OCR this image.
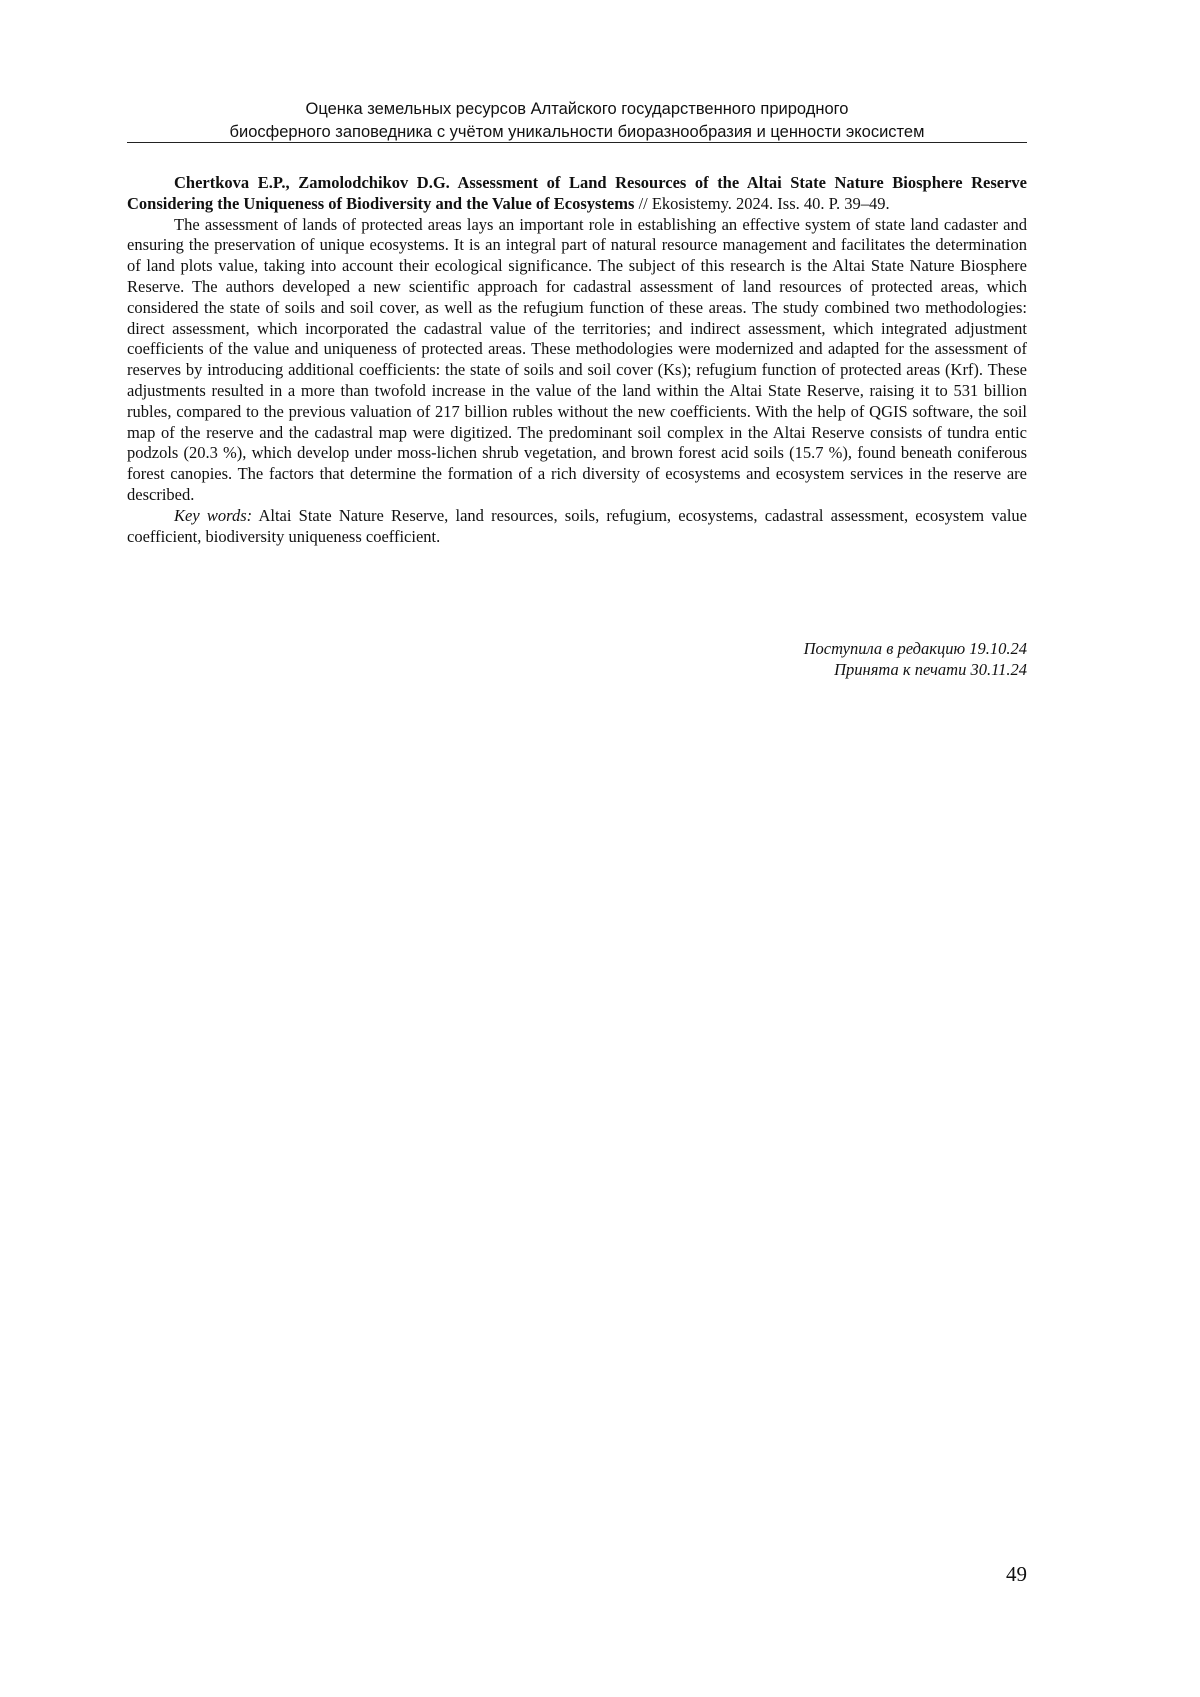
Оценка земельных ресурсов Алтайского государственного природного
биосферного заповедника с учётом уникальности биоразнообразия и ценности экосистем

Chertkova E.P., Zamolodchikov D.G. Assessment of Land Resources of the Altai State Nature Biosphere Reserve Considering the Uniqueness of Biodiversity and the Value of Ecosystems // Ekosistemy. 2024. Iss. 40. P. 39–49.

The assessment of lands of protected areas lays an important role in establishing an effective system of state land cadaster and ensuring the preservation of unique ecosystems. It is an integral part of natural resource management and facilitates the determination of land plots value, taking into account their ecological significance. The subject of this research is the Altai State Nature Biosphere Reserve. The authors developed a new scientific approach for cadastral assessment of land resources of protected areas, which considered the state of soils and soil cover, as well as the refugium function of these areas. The study combined two methodologies: direct assessment, which incorporated the cadastral value of the territories; and indirect assessment, which integrated adjustment coefficients of the value and uniqueness of protected areas. These methodologies were modernized and adapted for the assessment of reserves by introducing additional coefficients: the state of soils and soil cover (Ks); refugium function of protected areas (Krf). These adjustments resulted in a more than twofold increase in the value of the land within the Altai State Reserve, raising it to 531 billion rubles, compared to the previous valuation of 217 billion rubles without the new coefficients. With the help of QGIS software, the soil map of the reserve and the cadastral map were digitized. The predominant soil complex in the Altai Reserve consists of tundra entic podzols (20.3 %), which develop under moss-lichen shrub vegetation, and brown forest acid soils (15.7 %), found beneath coniferous forest canopies. The factors that determine the formation of a rich diversity of ecosystems and ecosystem services in the reserve are described.

Key words: Altai State Nature Reserve, land resources, soils, refugium, ecosystems, cadastral assessment, ecosystem value coefficient, biodiversity uniqueness coefficient.

Поступила в редакцию 19.10.24
Принята к печати 30.11.24
49
